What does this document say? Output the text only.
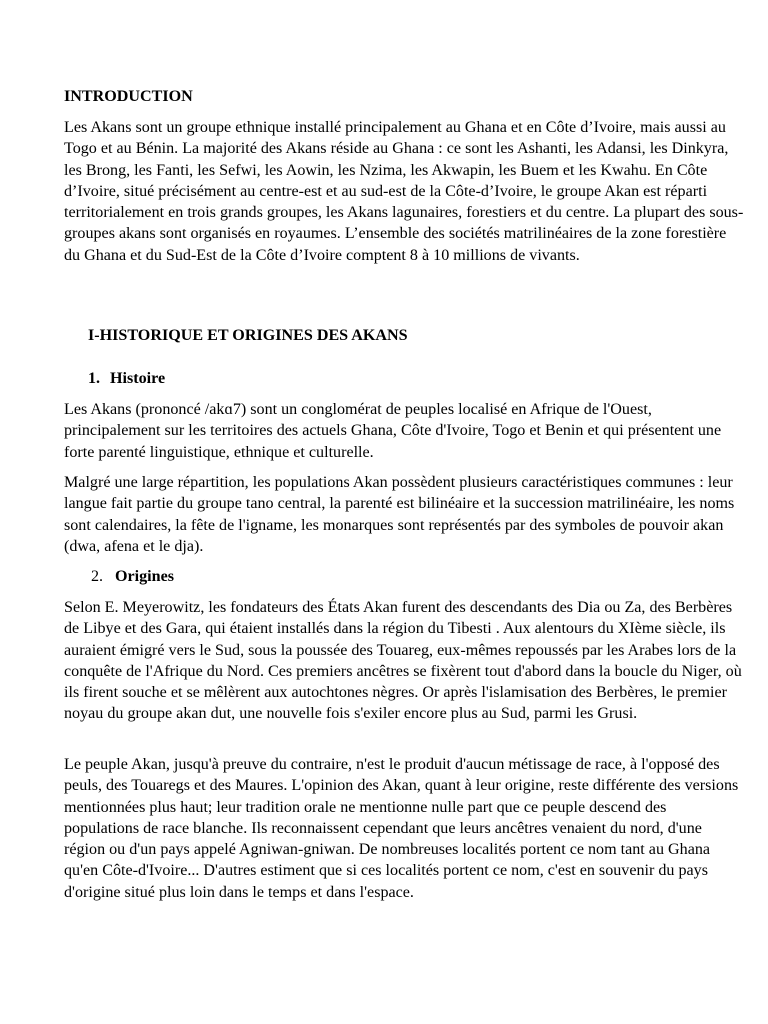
INTRODUCTION

Les Akans sont un groupe ethnique installé principalement au Ghana et en Côte d’Ivoire, mais aussi au Togo et au Bénin. La majorité des Akans réside au Ghana : ce sont les Ashanti, les Adansi, les Dinkyra, les Brong, les Fanti, les Sefwi, les Aowin, les Nzima, les Akwapin, les Buem et les Kwahu. En Côte d’Ivoire, situé précisément au centre-est et au sud-est de la Côte-d’Ivoire, le groupe Akan est réparti territorialement en trois grands groupes, les Akans lagunaires, forestiers et du centre. La plupart des sous-groupes akans sont organisés en royaumes. L’ensemble des sociétés matrilinéaires de la zone forestière du Ghana et du Sud-Est de la Côte d’Ivoire comptent 8 à 10 millions de vivants.

I-HISTORIQUE ET ORIGINES DES AKANS
1. Histoire

Les Akans (prononcé /akɑ7) sont un conglomérat de peuples localisé en Afrique de l'Ouest, principalement sur les territoires des actuels Ghana, Côte d'Ivoire, Togo et Benin et qui présentent une forte parenté linguistique, ethnique et culturelle.

Malgré une large répartition, les populations Akan possèdent plusieurs caractéristiques communes : leur langue fait partie du groupe tano central, la parenté est bilinéaire et la succession matrilinéaire, les noms sont calendaires, la fête de l'igname, les monarques sont représentés par des symboles de pouvoir akan (dwa, afena et le dja).

2. Origines

Selon E. Meyerowitz, les fondateurs des États Akan furent des descendants des Dia ou Za, des Berbères de Libye et des Gara, qui étaient installés dans la région du Tibesti . Aux alentours du XIème siècle, ils auraient émigré vers le Sud, sous la poussée des Touareg, eux-mêmes repoussés par les Arabes lors de la conquête de l'Afrique du Nord. Ces premiers ancêtres se fixèrent tout d'abord dans la boucle du Niger, où ils firent souche et se mêlèrent aux autochtones nègres. Or après l'islamisation des Berbères, le premier noyau du groupe akan dut, une nouvelle fois s'exiler encore plus au Sud, parmi les Grusi.

Le peuple Akan, jusqu'à preuve du contraire, n'est le produit d'aucun métissage de race, à l'opposé des peuls, des Touaregs et des Maures. L'opinion des Akan, quant à leur origine, reste différente des versions mentionnées plus haut; leur tradition orale ne mentionne nulle part que ce peuple descend des populations de race blanche. Ils reconnaissent cependant que leurs ancêtres venaient du nord, d'une région ou d'un pays appelé Agniwan-gniwan. De nombreuses localités portent ce nom tant au Ghana qu'en Côte-d'Ivoire... D'autres estiment que si ces localités portent ce nom, c'est en souvenir du pays d'origine situé plus loin dans le temps et dans l'espace.
